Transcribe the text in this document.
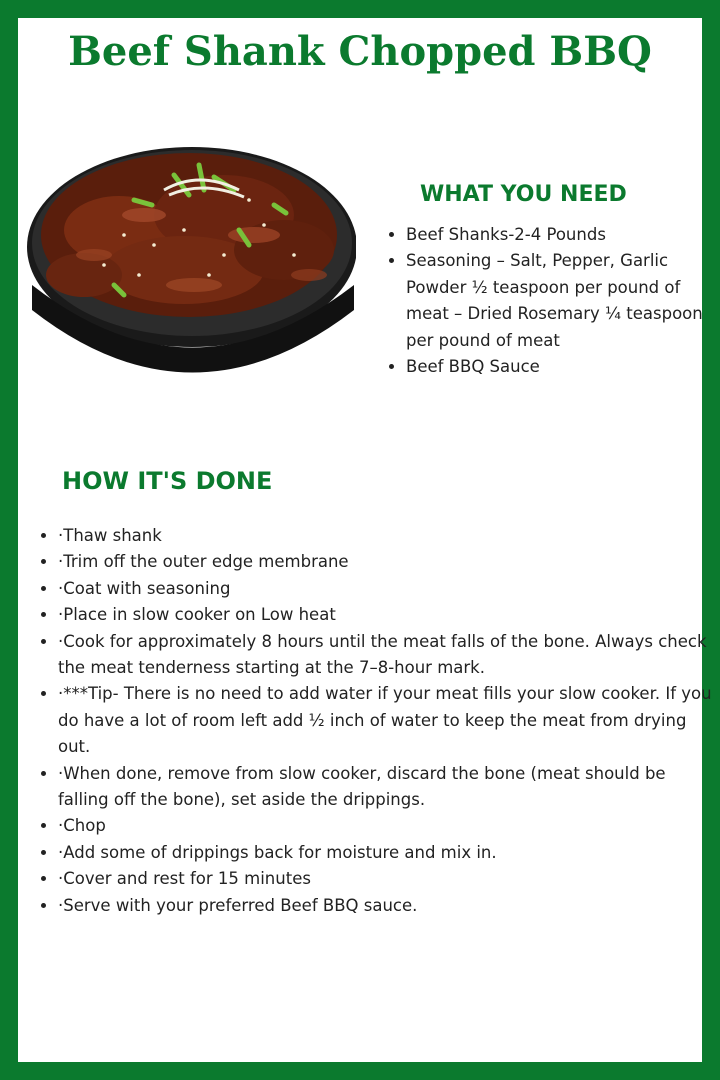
Beef Shank Chopped BBQ
WHAT YOU NEED
• Beef Shanks-2-4 Pounds
• Seasoning – Salt, Pepper, Garlic Powder ½ teaspoon per pound of meat – Dried Rosemary ¼ teaspoon per pound of meat
• Beef BBQ Sauce
HOW IT'S DONE
• ·Thaw shank
• ·Trim off the outer edge membrane
• ·Coat with seasoning
• ·Place in slow cooker on Low heat
• ·Cook for approximately 8 hours until the meat falls of the bone. Always check the meat tenderness starting at the 7–8-hour mark.
• ·***Tip- There is no need to add water if your meat fills your slow cooker. If you do have a lot of room left add ½ inch of water to keep the meat from drying out.
• ·When done, remove from slow cooker, discard the bone (meat should be falling off the bone), set aside the drippings.
• ·Chop
• ·Add some of drippings back for moisture and mix in.
• ·Cover and rest for 15 minutes
• ·Serve with your preferred Beef BBQ sauce.
